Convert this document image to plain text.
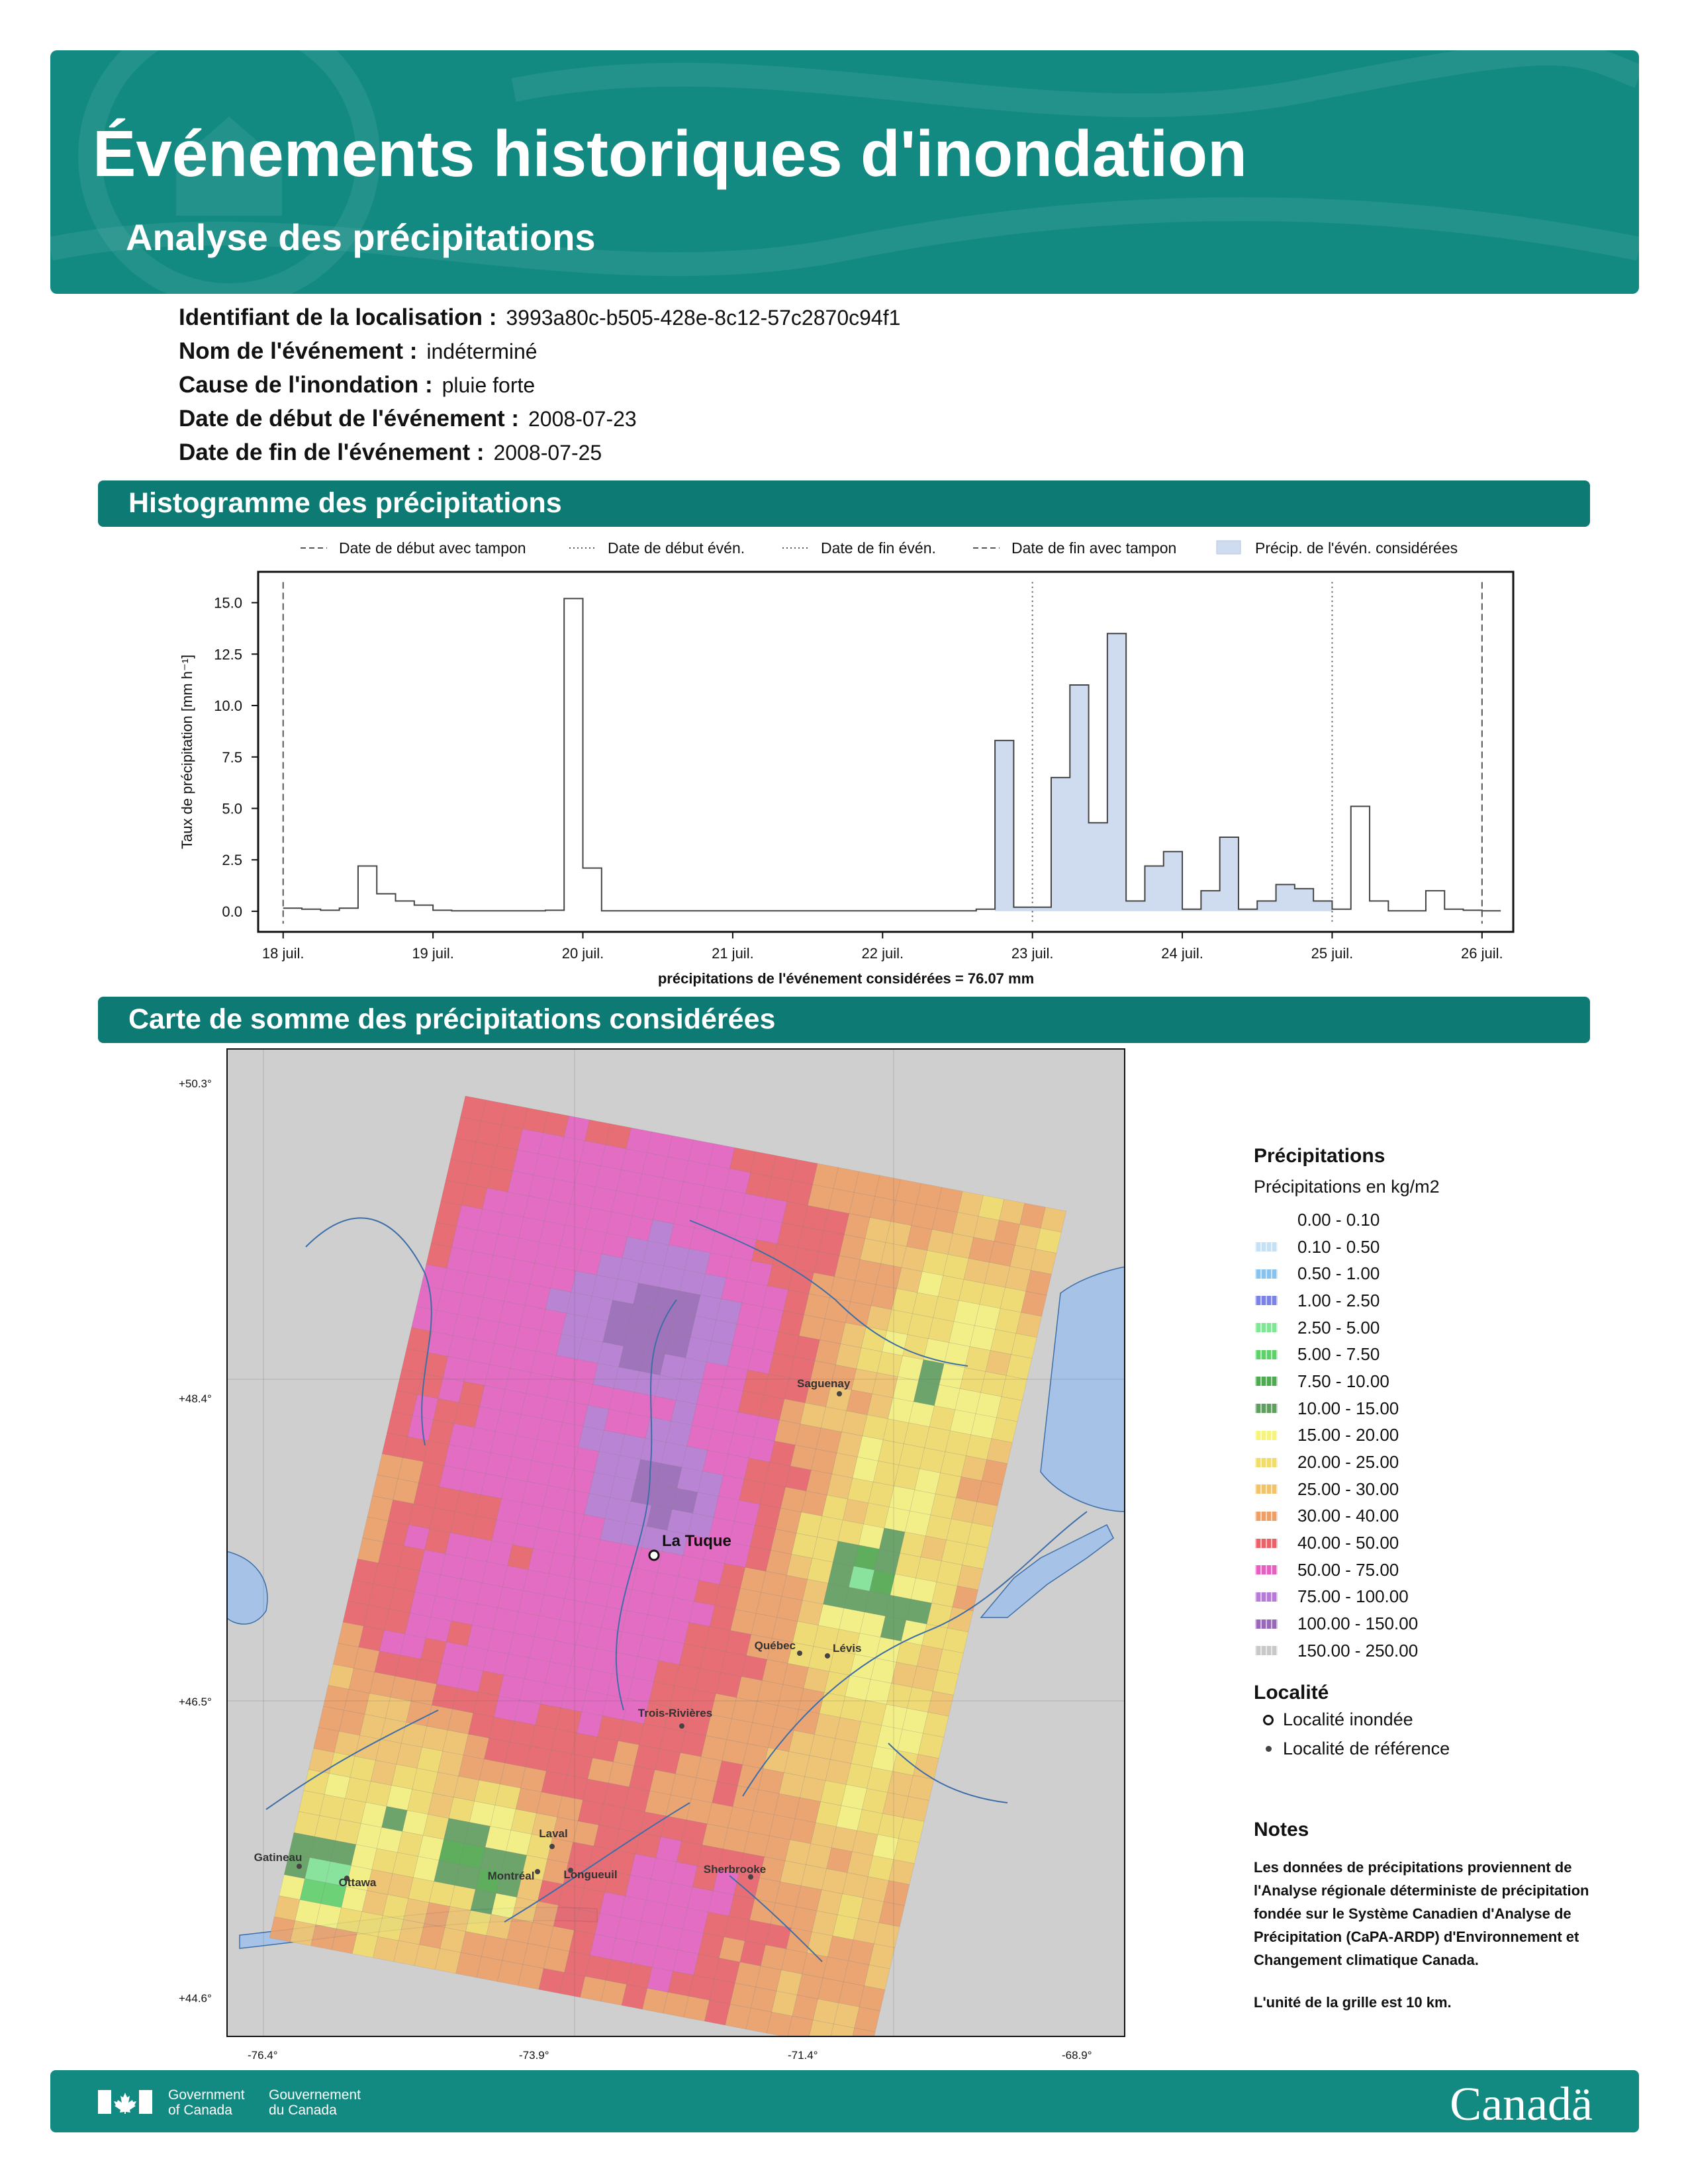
Événements historiques d'inondation
Analyse des précipitations
Identifiant de la localisation : 3993a80c-b505-428e-8c12-57c2870c94f1
Nom de l'événement : indéterminé
Cause de l'inondation : pluie forte
Date de début de l'événement : 2008-07-23
Date de fin de l'événement : 2008-07-25
Histogramme des précipitations
Date de début avec tampon	Date de début évén.	Date de fin évén.	Date de fin avec tampon	Précip. de l'évén. considérées
0.0
2.5
5.0
7.5
10.0
12.5
15.0
18 juil.	19 juil.	20 juil.	21 juil.	22 juil.	23 juil.	24 juil.	25 juil.	26 juil.
Taux de précipitation [mm h⁻¹]
précipitations de l'événement considérées = 76.07 mm
Carte de somme des précipitations considérées
Saguenay
Québec	Lévis
Trois-Rivières
Gatineau
Ottawa
Laval
Montréal	Longueuil	Sherbrooke
La Tuque
+50.3°
+48.4°
+46.5°
+44.6°
-76.4°	-73.9°	-71.4°	-68.9°
Précipitations
Précipitations en kg/m2
0.00 - 0.10
0.10 - 0.50
0.50 - 1.00
1.00 - 2.50
2.50 - 5.00
5.00 - 7.50
7.50 - 10.00
10.00 - 15.00
15.00 - 20.00
20.00 - 25.00
25.00 - 30.00
30.00 - 40.00
40.00 - 50.00
50.00 - 75.00
75.00 - 100.00
100.00 - 150.00
150.00 - 250.00
Localité
Localité inondée
Localité de référence
Notes
Les données de précipitations proviennent de l'Analyse régionale déterministe de précipitation fondée sur le Système Canadien d'Analyse de Précipitation (CaPA-ARDP) d'Environnement et Changement climatique Canada.
L'unité de la grille est 10 km.
Government
of Canada
Gouvernement
du Canada	Canadä
